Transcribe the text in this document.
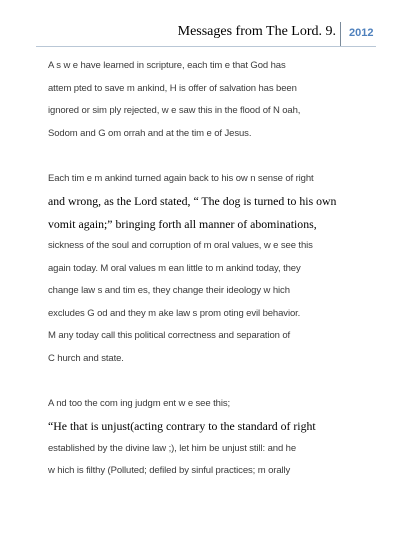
Messages from The Lord. 9. 2012
A s w e have learned in scripture, each tim e that God has
attem pted to save m ankind, H is offer of salvation has been
ignored or sim ply rejected, w e saw this in the flood of N oah,
Sodom and G om orrah and at the tim e of Jesus.
Each tim e m ankind turned again back to his ow n sense of right
and wrong, as the Lord stated, “ The dog is turned to his own
vomit again;” bringing forth all manner of abominations,
sickness of the soul and corruption of m oral values, w e see this
again today. M oral values m ean little to m ankind today, they
change law s and tim es, they change their ideology w hich
excludes G od and they m ake law s prom oting evil behavior.
M any today call this political correctness and separation of
C hurch and state.
A nd too the com ing judgm ent w e see this;
“He that is unjust(acting contrary to the standard of right
established by the divine law ;), let him be unjust still: and he
w hich is filthy (Polluted; defiled by sinful practices; m orally
